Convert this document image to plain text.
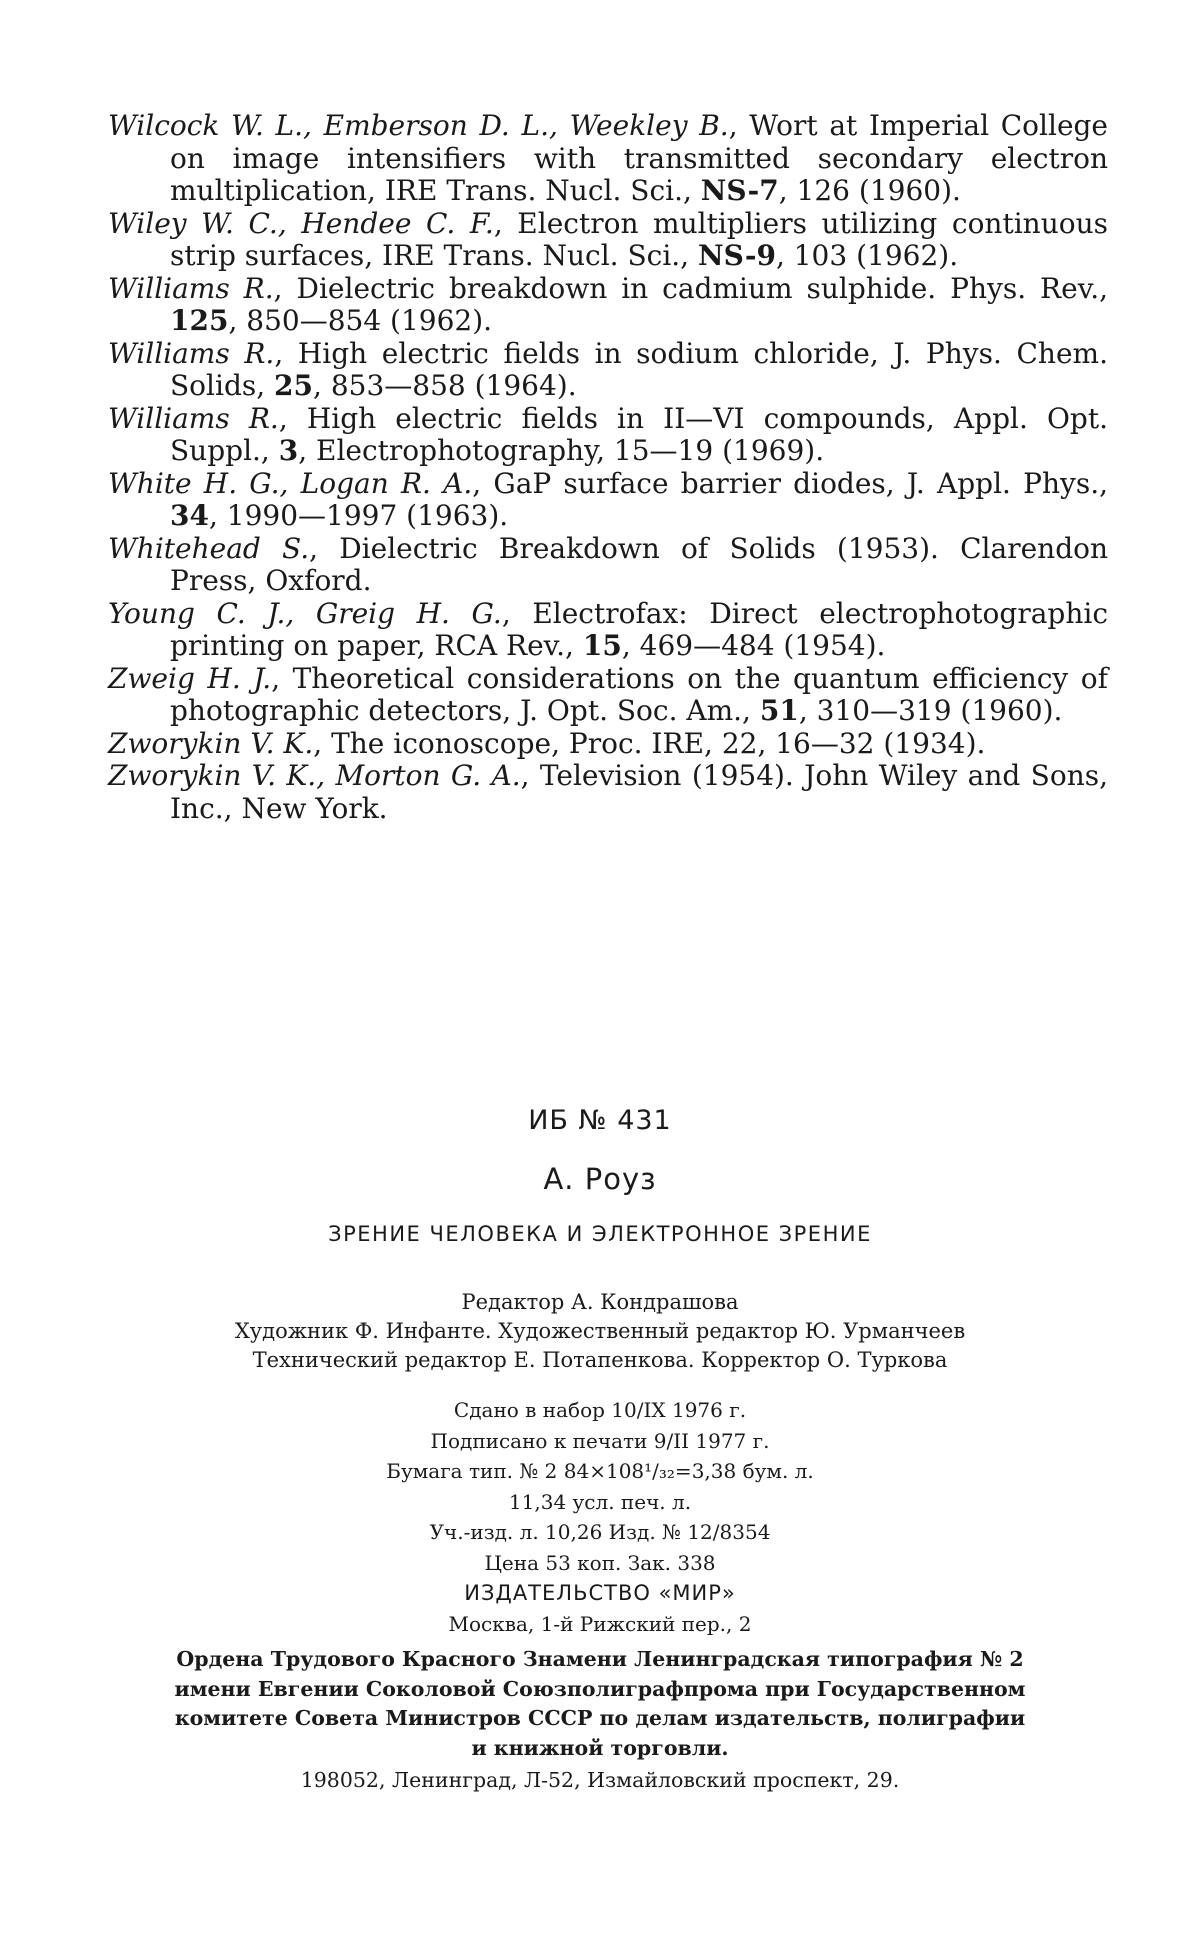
Wilcock W. L., Emberson D. L., Weekley B., Wort at Imperial College on image intensifiers with transmitted secondary electron multiplication, IRE Trans. Nucl. Sci., NS-7, 126 (1960).

Wiley W. C., Hendee C. F., Electron multipliers utilizing continuous strip surfaces, IRE Trans. Nucl. Sci., NS-9, 103 (1962).

Williams R., Dielectric breakdown in cadmium sulphide. Phys. Rev., 125, 850—854 (1962).

Williams R., High electric fields in sodium chloride, J. Phys. Chem. Solids, 25, 853—858 (1964).

Williams R., High electric fields in II—VI compounds, Appl. Opt. Suppl., 3, Electrophotography, 15—19 (1969).

White H. G., Logan R. A., GaP surface barrier diodes, J. Appl. Phys., 34, 1990—1997 (1963).

Whitehead S., Dielectric Breakdown of Solids (1953). Clarendon Press, Oxford.

Young C. J., Greig H. G., Electrofax: Direct electrophotographic printing on paper, RCA Rev., 15, 469—484 (1954).

Zweig H. J., Theoretical considerations on the quantum efficiency of photographic detectors, J. Opt. Soc. Am., 51, 310—319 (1960).

Zworykin V. K., The iconoscope, Proc. IRE, 22, 16—32 (1934).

Zworykin V. K., Morton G. A., Television (1954). John Wiley and Sons, Inc., New York.

ИБ № 431

А. Роуз

ЗРЕНИЕ ЧЕЛОВЕКА И ЭЛЕКТРОННОЕ ЗРЕНИЕ

Редактор А. Кондрашова

Художник Ф. Инфанте. Художественный редактор Ю. Урманчеев

Технический редактор Е. Потапенкова. Корректор О. Туркова

Сдано в набор 10/IX 1976 г.

Подписано к печати 9/II 1977 г.

Бумага тип. № 2 84×108¹/₃₂=3,38 бум. л.

11,34 усл. печ. л.

Уч.-изд. л. 10,26 Изд. № 12/8354

Цена 53 коп. Зак. 338

ИЗДАТЕЛЬСТВО «МИР»

Москва, 1-й Рижский пер., 2

Ордена Трудового Красного Знамени Ленинградская типография № 2

имени Евгении Соколовой Союзполиграфпрома при Государственном

комитете Совета Министров СССР по делам издательств, полиграфии

и книжной торговли.

198052, Ленинград, Л-52, Измайловский проспект, 29.
